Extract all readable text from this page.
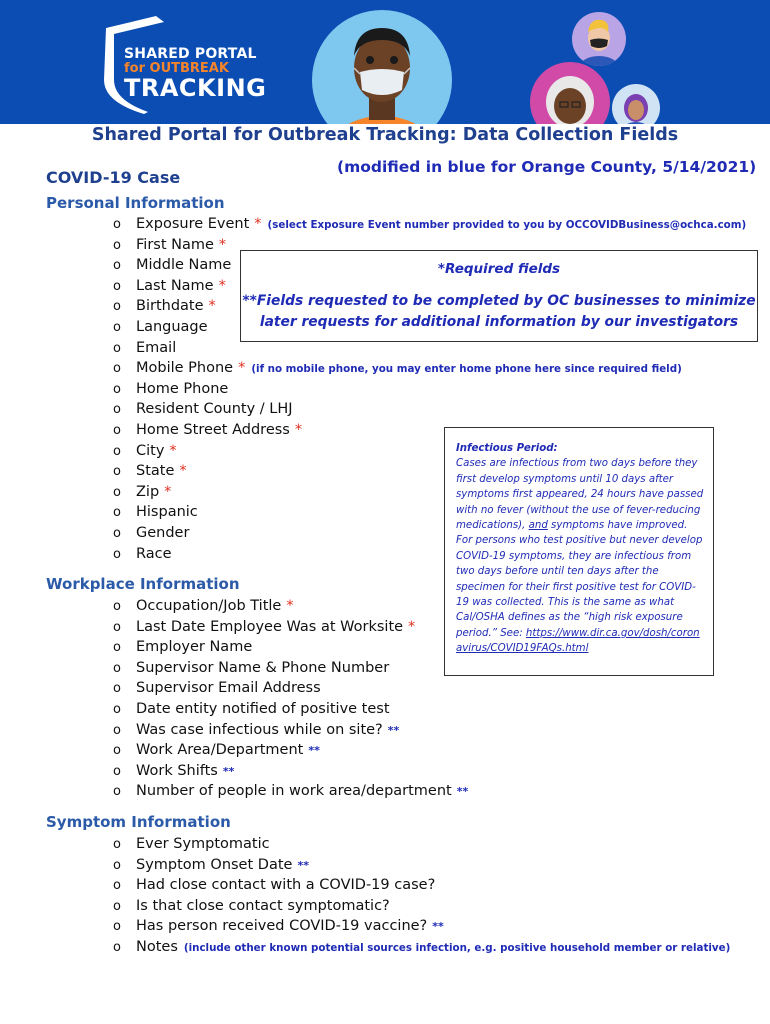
SHARED PORTAL
for OUTBREAK
TRACKING
Shared Portal for Outbreak Tracking: Data Collection Fields
(modified in blue for Orange County, 5/14/2021)
COVID-19 Case
Personal Information
o Exposure Event * (select Exposure Event number provided to you by OCCOVIDBusiness@ochca.com)
o First Name *
o Middle Name
o Last Name *
o Birthdate *
o Language
o Email
o Mobile Phone * (if no mobile phone, you may enter home phone here since required field)
o Home Phone
o Resident County / LHJ
o Home Street Address *
o City *
o State *
o Zip *
o Hispanic
o Gender
o Race
*Required fields
**Fields requested to be completed by OC businesses to minimize
later requests for additional information by our investigators
Infectious Period:
Cases are infectious from two days before they first develop symptoms until 10 days after symptoms first appeared, 24 hours have passed with no fever (without the use of fever-reducing medications), and symptoms have improved. For persons who test positive but never develop COVID-19 symptoms, they are infectious from two days before until ten days after the specimen for their first positive test for COVID-19 was collected. This is the same as what Cal/OSHA defines as the “high risk exposure period.” See: https://www.dir.ca.gov/dosh/coronavirus/COVID19FAQs.html
Workplace Information
o Occupation/Job Title *
o Last Date Employee Was at Worksite *
o Employer Name
o Supervisor Name & Phone Number
o Supervisor Email Address
o Date entity notified of positive test
o Was case infectious while on site? **
o Work Area/Department **
o Work Shifts **
o Number of people in work area/department **
Symptom Information
o Ever Symptomatic
o Symptom Onset Date **
o Had close contact with a COVID-19 case?
o Is that close contact symptomatic?
o Has person received COVID-19 vaccine? **
o Notes (include other known potential sources infection, e.g. positive household member or relative)
